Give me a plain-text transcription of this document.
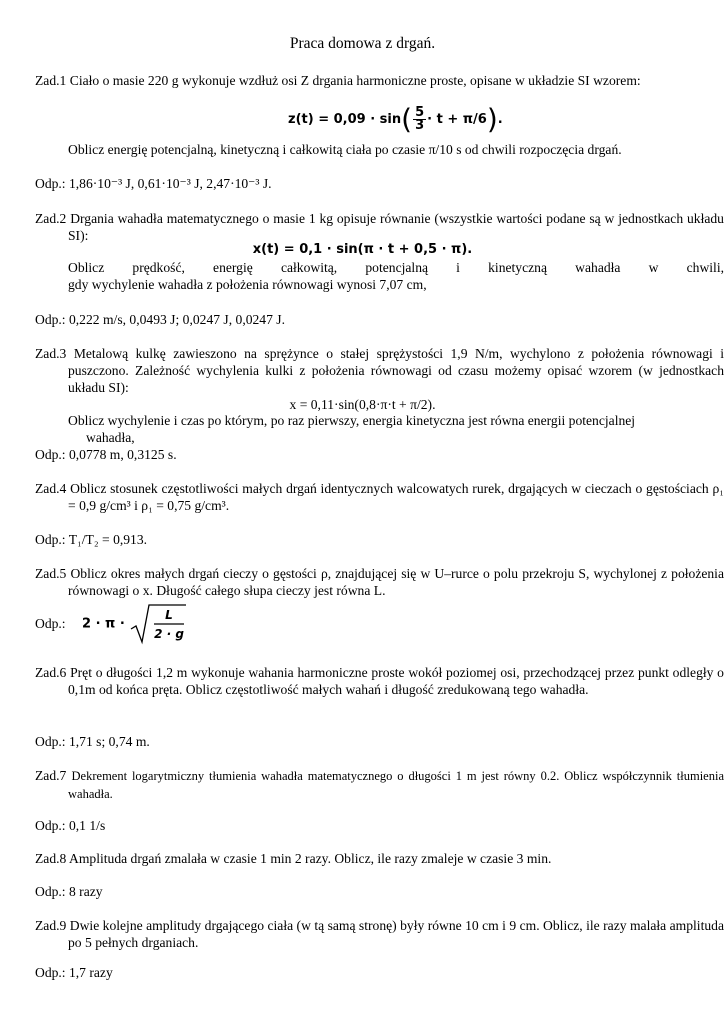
Praca domowa z drgań.
Zad.1 Ciało o masie 220 g wykonuje wzdłuż osi Z drgania harmoniczne proste, opisane w układzie SI wzorem:
$z(t) = 0,09 \cdot \sin( \frac{5}{3} \cdot t + \pi/6)$.
Oblicz energię potencjalną, kinetyczną i całkowitą ciała po czasie π/10 s od chwili rozpoczęcia drgań.
Odp.: 1,86·10⁻³ J, 0,61·10⁻³ J, 2,47·10⁻³ J.
Zad.2 Drgania wahadła matematycznego o masie 1 kg opisuje równanie (wszystkie wartości podane są w jednostkach układu SI):
x(t) = 0,1 · sin(π · t + 0,5 · π).
Oblicz prędkość, energię całkowitą, potencjalną i kinetyczną wahadła w chwili,
gdy wychylenie wahadła z położenia równowagi wynosi 7,07 cm,
Odp.: 0,222 m/s, 0,0493 J; 0,0247 J, 0,0247 J.
Zad.3 Metalową kulkę zawieszono na sprężynce o stałej sprężystości 1,9 N/m, wychylono z położenia równowagi i puszczono. Zależność wychylenia kulki z położenia równowagi od czasu możemy opisać wzorem (w jednostkach układu SI):
x = 0,11·sin(0,8·π·t + π/2).
Oblicz wychylenie i czas po którym, po raz pierwszy, energia kinetyczna jest równa energii potencjalnej
wahadła,
Odp.: 0,0778 m, 0,3125 s.
Zad.4 Oblicz stosunek częstotliwości małych drgań identycznych walcowatych rurek, drgających w cieczach o gęstościach ρ₁ = 0,9 g/cm³ i ρ₁ = 0,75 g/cm³.
Odp.: T₁/T₂ = 0,913.
Zad.5 Oblicz okres małych drgań cieczy o gęstości ρ, znajdującej się w U–rurce o polu przekroju S, wychylonej z położenia równowagi o x. Długość całego słupa cieczy jest równa L.
Odp.: 2 · π ·
L
2 · g
Zad.6 Pręt o długości 1,2 m wykonuje wahania harmoniczne proste wokół poziomej osi, przechodzącej przez punkt odległy o 0,1m od końca pręta. Oblicz częstotliwość małych wahań i długość zredukowaną tego wahadła.
Odp.: 1,71 s; 0,74 m.
Zad.7 Dekrement logarytmiczny tłumienia wahadła matematycznego o długości 1 m jest równy 0.2. Oblicz współczynnik tłumienia wahadła.
Odp.: 0,1 1/s
Zad.8 Amplituda drgań zmalała w czasie 1 min 2 razy. Oblicz, ile razy zmaleje w czasie 3 min.
Odp.: 8 razy
Zad.9 Dwie kolejne amplitudy drgającego ciała (w tą samą stronę) były równe 10 cm i 9 cm. Oblicz, ile razy malała amplituda po 5 pełnych drganiach.
Odp.: 1,7 razy
